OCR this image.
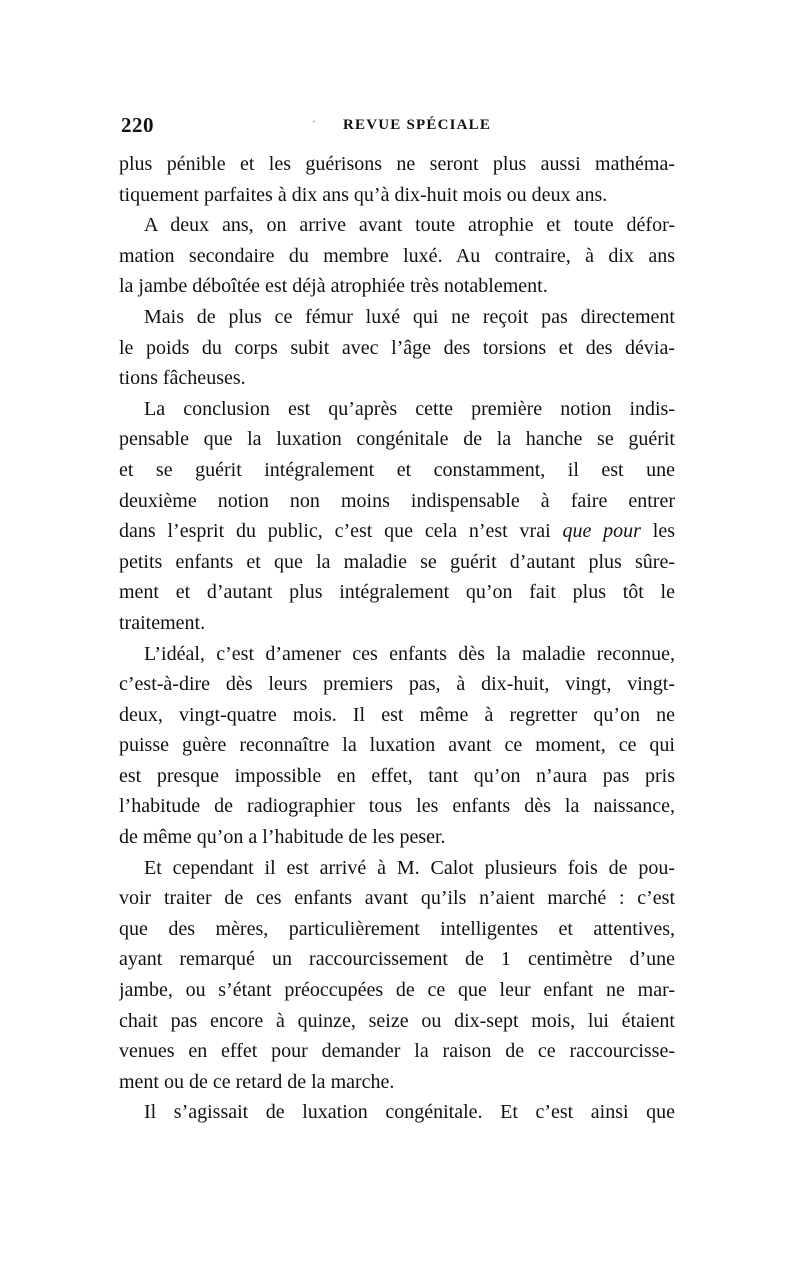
220	· REVUE SPÉCIALE
plus pénible et les guérisons ne seront plus aussi mathéma-
tiquement parfaites à dix ans qu’à dix-huit mois ou deux ans.
A deux ans, on arrive avant toute atrophie et toute défor-
mation secondaire du membre luxé. Au contraire, à dix ans
la jambe déboîtée est déjà atrophiée très notablement.
Mais de plus ce fémur luxé qui ne reçoit pas directement
le poids du corps subit avec l’âge des torsions et des dévia-
tions fâcheuses.
La conclusion est qu’après cette première notion indis-
pensable que la luxation congénitale de la hanche se guérit
et se guérit intégralement et constamment, il est une
deuxième notion non moins indispensable à faire entrer
dans l’esprit du public, c’est que cela n’est vrai que pour les
petits enfants et que la maladie se guérit d’autant plus sûre-
ment et d’autant plus intégralement qu’on fait plus tôt le
traitement.
L’idéal, c’est d’amener ces enfants dès la maladie reconnue,
c’est-à-dire dès leurs premiers pas, à dix-huit, vingt, vingt-
deux, vingt-quatre mois. Il est même à regretter qu’on ne
puisse guère reconnaître la luxation avant ce moment, ce qui
est presque impossible en effet, tant qu’on n’aura pas pris
l’habitude de radiographier tous les enfants dès la naissance,
de même qu’on a l’habitude de les peser.
Et cependant il est arrivé à M. Calot plusieurs fois de pou-
voir traiter de ces enfants avant qu’ils n’aient marché : c’est
que des mères, particulièrement intelligentes et attentives,
ayant remarqué un raccourcissement de 1 centimètre d’une
jambe, ou s’étant préoccupées de ce que leur enfant ne mar-
chait pas encore à quinze, seize ou dix-sept mois, lui étaient
venues en effet pour demander la raison de ce raccourcisse-
ment ou de ce retard de la marche.
Il s’agissait de luxation congénitale. Et c’est ainsi que
